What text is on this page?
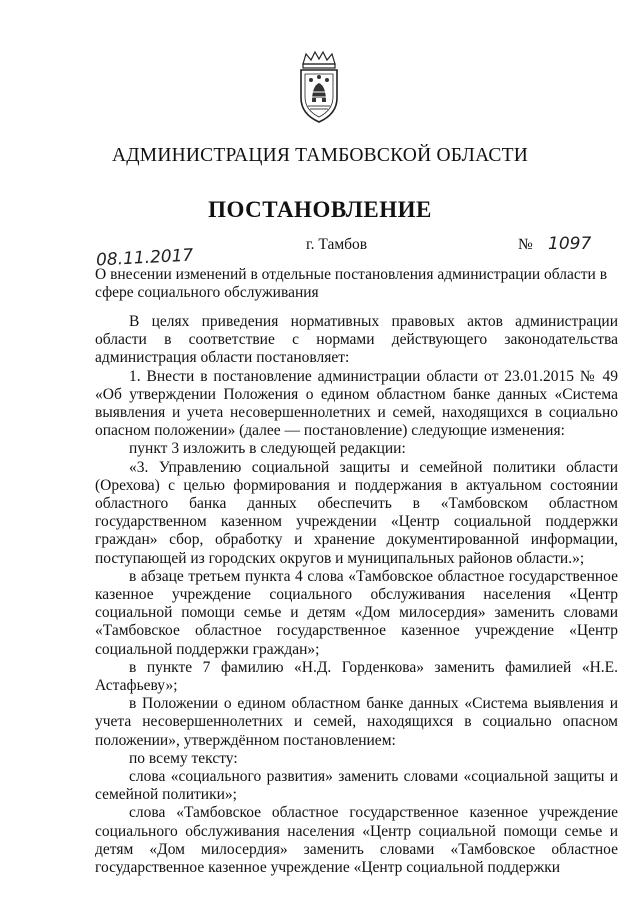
АДМИНИСТРАЦИЯ ТАМБОВСКОЙ ОБЛАСТИ
ПОСТАНОВЛЕНИЕ
08.11.2017
г. Тамбов	№ 1097
О внесении изменений в отдельные постановления администрации области в сфере социального обслуживания

В целях приведения нормативных правовых актов администрации области в соответствие с нормами действующего законодательства администрация области постановляет:

1. Внести в постановление администрации области от 23.01.2015 № 49 «Об утверждении Положения о едином областном банке данных «Система выявления и учета несовершеннолетних и семей, находящихся в социально опасном положении» (далее — постановление) следующие изменения:

пункт 3 изложить в следующей редакции:

«3. Управлению социальной защиты и семейной политики области (Орехова) с целью формирования и поддержания в актуальном состоянии областного банка данных обеспечить в «Тамбовском областном государственном казенном учреждении «Центр социальной поддержки граждан» сбор, обработку и хранение документированной информации, поступающей из городских округов и муниципальных районов области.»;

в абзаце третьем пункта 4 слова «Тамбовское областное государственное казенное учреждение социального обслуживания населения «Центр социальной помощи семье и детям «Дом милосердия» заменить словами «Тамбовское областное государственное казенное учреждение «Центр социальной поддержки граждан»;

в пункте 7 фамилию «Н.Д. Горденкова» заменить фамилией «Н.Е. Астафьеву»;

в Положении о едином областном банке данных «Система выявления и учета несовершеннолетних и семей, находящихся в социально опасном положении», утверждённом постановлением:

по всему тексту:

слова «социального развития» заменить словами «социальной защиты и семейной политики»;

слова «Тамбовское областное государственное казенное учреждение социального обслуживания населения «Центр социальной помощи семье и детям «Дом милосердия» заменить словами «Тамбовское областное государственное казенное учреждение «Центр социальной поддержки
